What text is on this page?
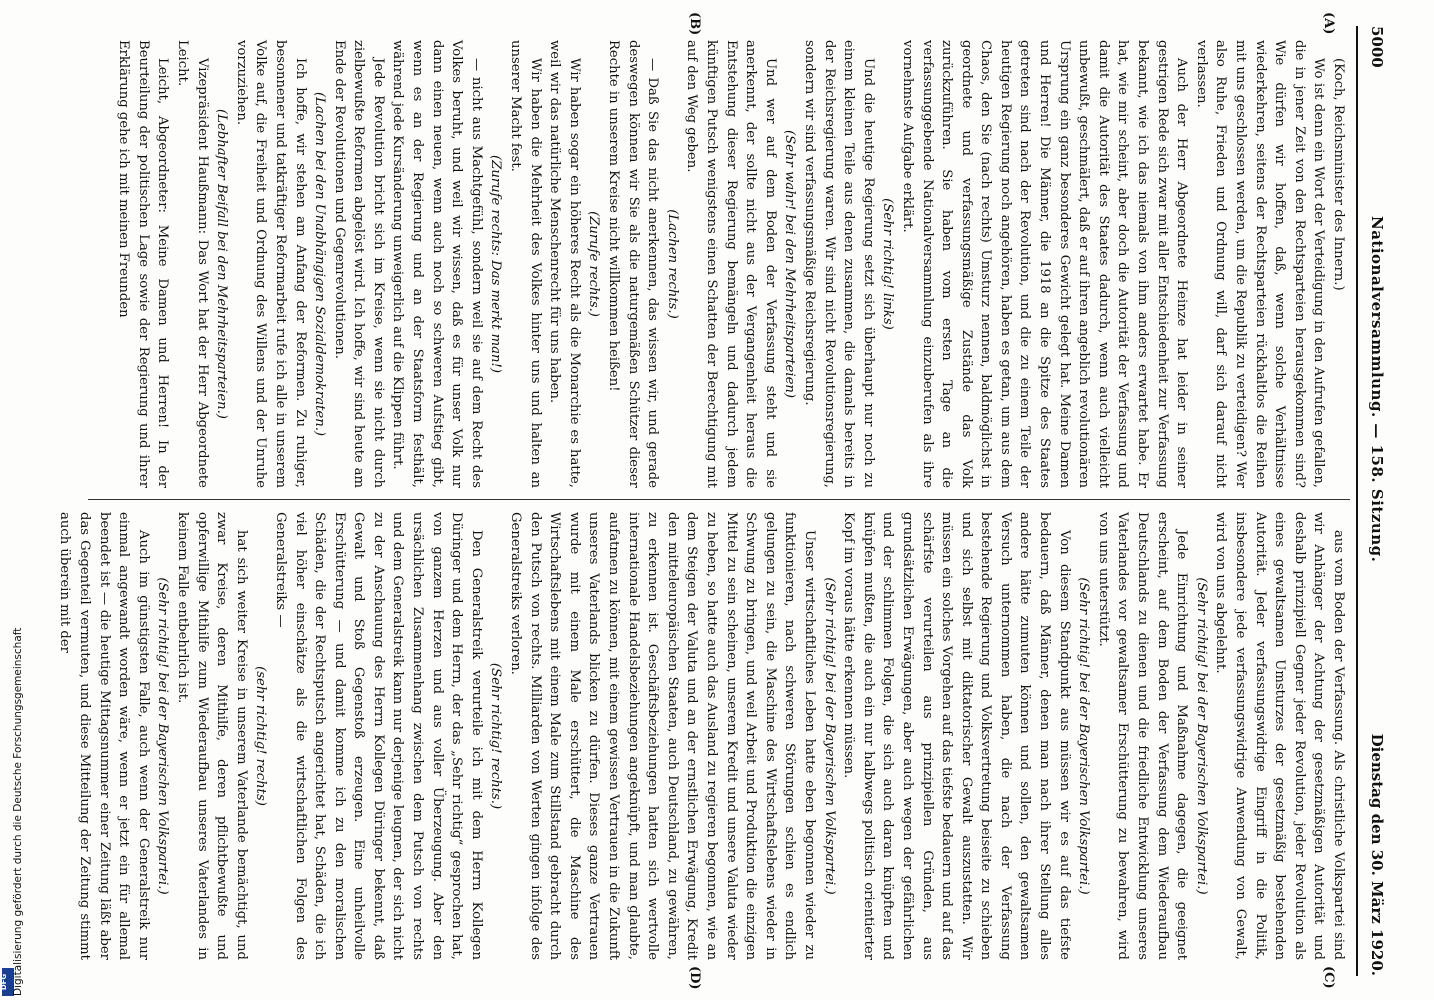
5000
Nationalversammlung. — 158. Sitzung.
Dienstag den 30. März 1920.
(A)
(B)
(C)
(D)

(Koch, Reichsminister des Innern.)

Wo ist denn ein Wort der Verteidigung in den Aufrufen gefallen, die in jener Zeit von den Rechtsparteien herausgekommen sind? Wie dürfen wir hoffen, daß, wenn solche Verhältnisse wiederkehren, seitens der Rechtsparteien rückhaltlos die Reihen mit uns geschlossen werden, um die Republik zu verteidigen? Wer also Ruhe, Frieden und Ordnung will, darf sich darauf nicht verlassen.

Auch der Herr Abgeordnete Heinze hat leider in seiner gestrigen Rede sich zwar mit aller Entschiedenheit zur Verfassung bekannt, wie ich das niemals von ihm anders erwartet habe. Er hat, wie mir scheint, aber doch die Autorität der Verfassung und damit die Autorität des Staates dadurch, wenn auch vielleicht unbewußt, geschmälert, daß er auf ihren angeblich revolutionären Ursprung ein ganz besonderes Gewicht gelegt hat. Meine Damen und Herren! Die Männer, die 1918 an die Spitze des Staates getreten sind nach der Revolution, und die zu einem Teile der heutigen Regierung noch angehören, haben es getan, um aus dem Chaos, den Sie (nach rechts) Umsturz nennen, baldmöglichst in geordnete und verfassungsmäßige Zustände das Volk zurückzuführen. Sie haben vom ersten Tage an die verfassunggebende Nationalversammlung einzuberufen als ihre vornehmste Aufgabe erklärt.

(Sehr richtig! links)

Und die heutige Regierung setzt sich überhaupt nur noch zu einem kleinen Teile aus denen zusammen, die damals bereits in der Reichsregierung waren. Wir sind nicht Revolutionsregierung, sondern wir sind verfassungsmäßige Reichsregierung.

(Sehr wahr! bei den Mehrheitsparteien)

Und wer auf dem Boden der Verfassung steht und sie anerkennt, der sollte nicht aus der Vergangenheit heraus die Entstehung dieser Regierung bemängeln und dadurch jedem künftigen Putsch wenigstens einen Schatten der Berechtigung mit auf den Weg geben.

(Lachen rechts.)

— Daß Sie das nicht anerkennen, das wissen wir, und gerade deswegen können wir Sie als die naturgemäßen Schützer dieser Rechte in unserem Kreise nicht willkommen heißen!

(Zurufe rechts.)

Wir haben sogar ein höheres Recht als die Monarchie es hatte, weil wir das natürliche Menschenrecht für uns haben.

Wir haben die Mehrheit des Volkes hinter uns und halten an unserer Macht fest.

(Zurufe rechts: Das merkt man!)

— nicht aus Machtgefühl, sondern weil sie auf dem Recht des Volkes beruht, und weil wir wissen, daß es für unser Volk nur dann einen neuen, wenn auch noch so schweren Aufstieg gibt, wenn es an der Regierung und an der Staatsform festhält, während jede Kursänderung unweigerlich auf die Klippen führt.

Jede Revolution bricht sich im Kreise, wenn sie nicht durch zielbewußte Reformen abgelöst wird. Ich hoffe, wir sind heute am Ende der Revolutionen und Gegenrevolutionen.

(Lachen bei den Unabhängigen Sozialdemokraten.)

Ich hoffe, wir stehen am Anfang der Reformen. Zu ruhiger, besonnener und tatkräftiger Reformarbeit rufe ich alle in unserem Volke auf, die Freiheit und Ordnung des Willens und der Unruhe vorzuziehen.

(Lebhafter Beifall bei den Mehrheitsparteien.)

Vizepräsident Haußmann: Das Wort hat der Herr Abgeordnete Leicht.

Leicht, Abgeordneter: Meine Damen und Herren! In der Beurteilung der politischen Lage sowie der Regierung und ihrer Erklärung gehe ich mit meinen Freunden

aus vom Boden der Verfassung. Als christliche Volkspartei sind wir Anhänger der Achtung der gesetzmäßigen Autorität und deshalb prinzipiell Gegner jeder Revolution, jeder Revolution als eines gewaltsamen Umsturzes der gesetzmäßig bestehenden Autorität. Jeder verfassungswidrige Eingriff in die Politik, insbesondere jede verfassungswidrige Anwendung von Gewalt, wird von uns abgelehnt.

(Sehr richtig! bei der Bayerischen Volkspartei.)

Jede Einrichtung und Maßnahme dagegen, die geeignet erscheint, auf dem Boden der Verfassung dem Wiederaufbau Deutschlands zu dienen und die friedliche Entwicklung unseres Vaterlandes vor gewaltsamer Erschütterung zu bewahren, wird von uns unterstützt.

(Sehr richtig! bei der Bayerischen Volkspartei.)

Von diesem Standpunkt aus müssen wir es auf das tiefste bedauern, daß Männer, denen man nach ihrer Stellung alles andere hätte zumuten können und sollen, den gewaltsamen Versuch unternommen haben, die nach der Verfassung bestehende Regierung und Volksvertretung beiseite zu schieben und sich selbst mit diktatorischer Gewalt auszustatten. Wir müssen ein solches Vorgehen auf das tiefste bedauern und auf das schärfste verurteilen aus prinzipiellen Gründen, aus grundsätzlichen Erwägungen, aber auch wegen der gefährlichen und der schlimmen Folgen, die sich auch daran knüpften und knüpfen mußten, die auch ein nur halbwegs politisch orientierter Kopf im voraus hätte erkennen müssen.

(Sehr richtig! bei der Bayerischen Volkspartei.)

Unser wirtschaftliches Leben hatte eben begonnen wieder zu funktionieren, nach schweren Störungen schien es endlich gelungen zu sein, die Maschine des Wirtschaftslebens wieder in Schwung zu bringen, und weil Arbeit und Produktion die einzigen Mittel zu sein scheinen, unserem Kredit und unsere Valuta wieder zu heben, so hatte auch das Ausland zu regieren begonnen, wie an dem Steigen der Valuta und an der ernstlichen Erwägung, Kredit den mitteleuropäischen Staaten, auch Deutschland, zu gewähren, zu erkennen ist. Geschäftsbeziehungen hatten sich wertvolle internationale Handelsbeziehungen angeknüpft, und man glaubte, aufatmen zu können, mit einem gewissen Vertrauen in die Zukunft unseres Vaterlands blicken zu dürfen. Dieses ganze Vertrauen wurde mit einem Male erschüttert, die Maschine des Wirtschaftslebens mit einem Male zum Stillstand gebracht durch den Putsch von rechts. Milliarden von Werten gingen infolge des Generalstreiks verloren.

(Sehr richtig! rechts.)

Den Generalstreik verurteile ich mit dem Herrn Kollegen Düringer und dem Herrn, der das „Sehr richtig“ gesprochen hat, von ganzem Herzen und aus voller Überzeugung. Aber den ursächlichen Zusammenhang zwischen dem Putsch von rechts und dem Generalstreik kann nur derjenige leugnen, der sich nicht zu der Anschauung des Herrn Kollegen Düringer bekennt, daß Gewalt und Stoß Gegenstoß erzeugen. Eine unheilvolle Erschütterung — und damit komme ich zu den moralischen Schäden, die der Rechtsputsch angerichtet hat, Schäden, die ich viel höher einschätze als die wirtschaftlichen Folgen des Generalstreiks —

(sehr richtig! rechts)

hat sich weiter Kreise in unserem Vaterlande bemächtigt, und zwar Kreise, deren Mithilfe, deren pflichtbewußte und opferwillige Mithilfe zum Wiederaufbau unseres Vaterlandes in keinem Falle entbehrlich ist.

(Sehr richtig! bei der Bayerischen Volkspartei.)

Auch im günstigsten Falle, auch wenn der Generalstreik nur einmal angewandt worden wäre, wenn er jetzt ein für allemal beendet ist — die heutige Mittagsnummer einer Zeitung läßt aber das Gegenteil vermuten, und diese Mitteilung der Zeitung stimmt auch überein mit der

DFG Digitalisierung gefördert durch die Deutsche Forschungsgemeinschaft
